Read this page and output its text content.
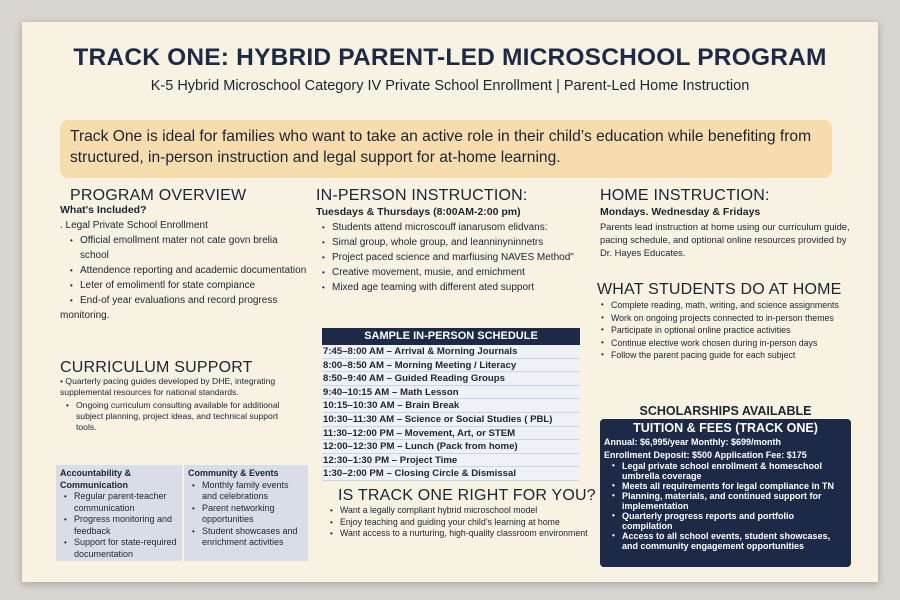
TRACK ONE: HYBRID PARENT-LED MICROSCHOOL PROGRAM
K-5 Hybrid Microschool Category IV Private School Enrollment | Parent-Led Home Instruction
Track One is ideal for families who want to take an active role in their child’s education while benefiting from structured, in-person instruction and legal support for at-home learning.
PROGRAM OVERVIEW
What's Included?
. Legal Private School Enrollment
• Official emollment mater not cate govn brelia school
• Attendence reporting and academic documentation
• Leter of emolimentl for state compiance
• End-of year evaluations and record progress
monitoring.
CURRICULUM SUPPORT
• Quarterly pacing guides developed by DHE, integrating supplemental resources for national standards.
• Ongoing curriculum consulting available for additional subject planning, project ideas, and technical support tools.
Accountability & Communication
• Regular parent-teacher communication
• Progress monitoring and feedback
• Support for state-required documentation
Community & Events
• Monthly family events and celebrations
• Parent networking opportunities
• Student showcases and enrichment activities
IN-PERSON INSTRUCTION:
Tuesdays & Thursdays (8:00AM-2:00 pm)
• Students attend microscouff ianarusom elidvans:
• Simal group, whole group, and leanninyninnetrs
• Project paced science and marfiusing NAVES Method"
• Creative movement, musie, and emichment
• Mixed age teaming with different ated support
SAMPLE IN-PERSON SCHEDULE
7:45–8:00 AM – Arrival & Morning Journals
8:00–8:50 AM – Morning Meeting / Literacy
8:50–9:40 AM – Guided Reading Groups
9:40–10:15 AM – Math Lesson
10:15–10:30 AM – Brain Break
10:30–11:30 AM – Science or Social Studies ( PBL)
11:30–12:00 PM – Movement, Art, or STEM
12:00–12:30 PM – Lunch (Pack from home)
12:30–1:30 PM – Project Time
1:30–2:00 PM – Closing Circle & Dismissal
IS TRACK ONE RIGHT FOR YOU?
• Want a legally compliant hybrid microschool model
• Enjoy teaching and guiding your child’s learning at home
• Want access to a nurturing, high-quality classroom environment
HOME INSTRUCTION:
Mondays. Wednesday & Fridays
Parents lead instruction at home using our curriculum guide, pacing schedule, and optional online resources provided by Dr. Hayes Educates.
WHAT STUDENTS DO AT HOME
• Complete reading, math, writing, and science assignments
• Work on ongoing projects connected to in-person themes
• Participate in optional online practice activities
• Continue elective work chosen during in-person days
• Follow the parent pacing guide for each subject
SCHOLARSHIPS AVAILABLE
TUITION & FEES (TRACK ONE)
Annual: $6,995/year Monthly: $699/month
Enrollment Deposit: $500 Application Fee: $175
• Legal private school enrollment & homeschool umbrella coverage
• Meets all requirements for legal compliance in TN
• Planning, materials, and continued support for implementation
• Quarterly progress reports and portfolio compilation
• Access to all school events, student showcases, and community engagement opportunities
